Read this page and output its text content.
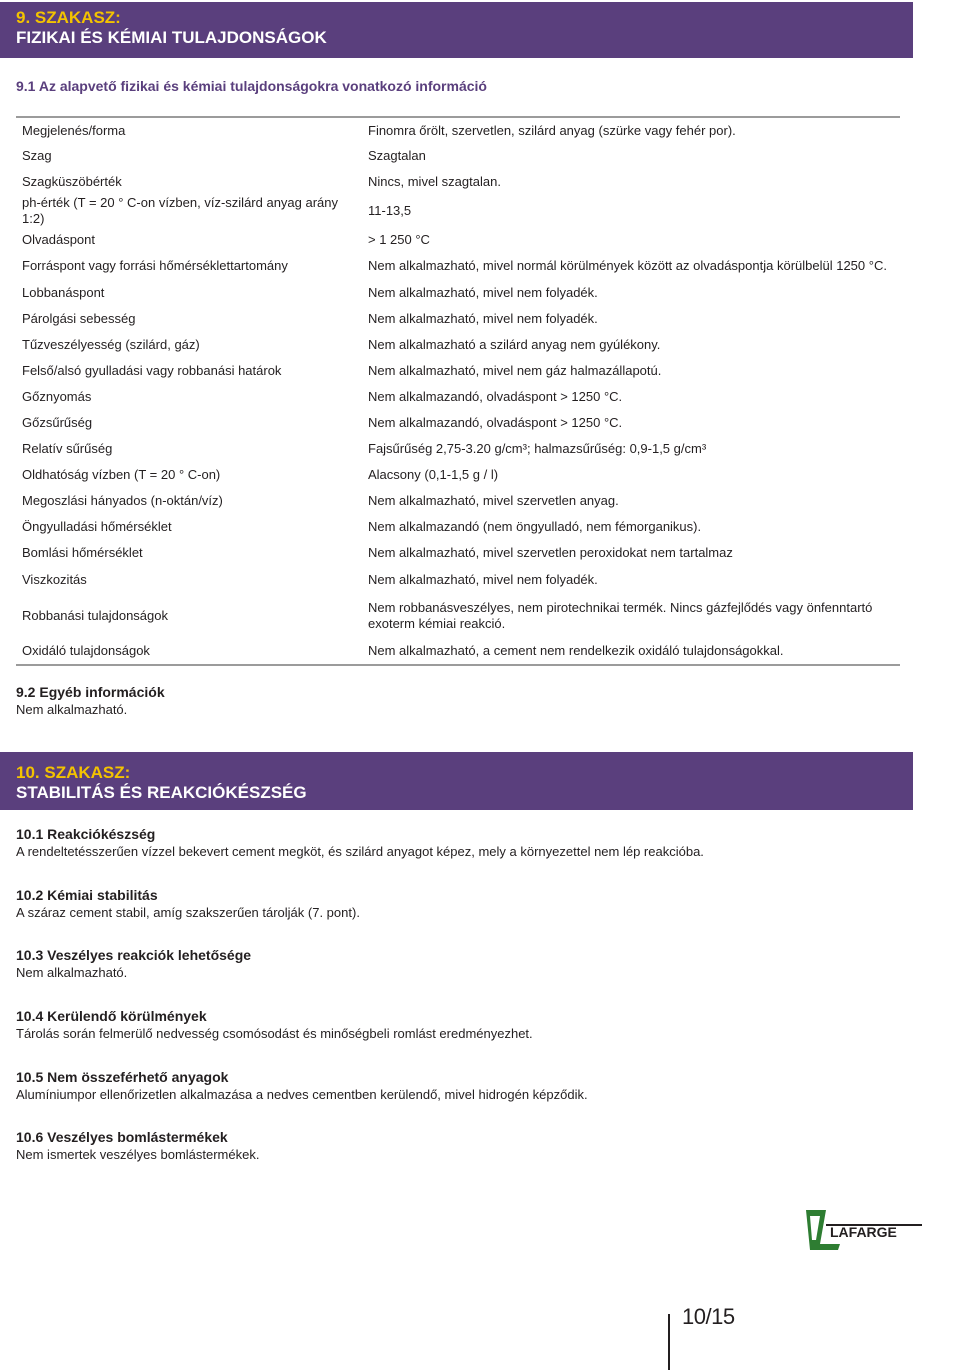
9. SZAKASZ:
FIZIKAI ÉS KÉMIAI TULAJDONSÁGOK
9.1 Az alapvető fizikai és kémiai tulajdonságokra vonatkozó információ
Megjelenés/forma	Finomra őrölt, szervetlen, szilárd anyag (szürke vagy fehér por).
Szag	Szagtalan
Szagküszöbérték	Nincs, mivel szagtalan.
ph-érték (T = 20 ° C-on vízben, víz-szilárd anyag arány 1:2)	11-13,5
Olvadáspont	> 1 250 °C
Forráspont vagy forrási hőmérséklettartomány	Nem alkalmazható, mivel normál körülmények között az olvadáspontja körülbelül 1250 °C.
Lobbanáspont	Nem alkalmazható, mivel nem folyadék.
Párolgási sebesség	Nem alkalmazható, mivel nem folyadék.
Tűzveszélyesség (szilárd, gáz)	Nem alkalmazható a szilárd anyag nem gyúlékony.
Felső/alsó gyulladási vagy robbanási határok	Nem alkalmazható, mivel nem gáz halmazállapotú.
Gőznyomás	Nem alkalmazandó, olvadáspont > 1250 °C.
Gőzsűrűség	Nem alkalmazandó, olvadáspont > 1250 °C.
Relatív sűrűség	Fajsűrűség 2,75-3.20 g/cm³; halmazsűrűség: 0,9-1,5 g/cm³
Oldhatóság vízben (T = 20 ° C-on)	Alacsony (0,1-1,5 g / l)
Megoszlási hányados (n-oktán/víz)	Nem alkalmazható, mivel szervetlen anyag.
Öngyulladási hőmérséklet	Nem alkalmazandó (nem öngyulladó, nem fémorganikus).
Bomlási hőmérséklet	Nem alkalmazható, mivel szervetlen peroxidokat nem tartalmaz
Viszkozitás	Nem alkalmazható, mivel nem folyadék.
Robbanási tulajdonságok	Nem robbanásveszélyes, nem pirotechnikai termék. Nincs gázfejlődés vagy önfenntartó exoterm kémiai reakció.
Oxidáló tulajdonságok	Nem alkalmazható, a cement nem rendelkezik oxidáló tulajdonságokkal.
9.2 Egyéb információk
Nem alkalmazható.
10. SZAKASZ:
STABILITÁS ÉS REAKCIÓKÉSZSÉG
10.1 Reakciókészség
A rendeltetésszerűen vízzel bekevert cement megköt, és szilárd anyagot képez, mely a környezettel nem lép reakcióba.
10.2 Kémiai stabilitás
A száraz cement stabil, amíg szakszerűen tárolják (7. pont).
10.3 Veszélyes reakciók lehetősége
Nem alkalmazható.
10.4 Kerülendő körülmények
Tárolás során felmerülő nedvesség csomósodást és minőségbeli romlást eredményezhet.
10.5 Nem összeférhető anyagok
Alumíniumpor ellenőrizetlen alkalmazása a nedves cementben kerülendő, mivel hidrogén képződik.
10.6 Veszélyes bomlástermékek
Nem ismertek veszélyes bomlástermékek.
LAFARGE
10/15
